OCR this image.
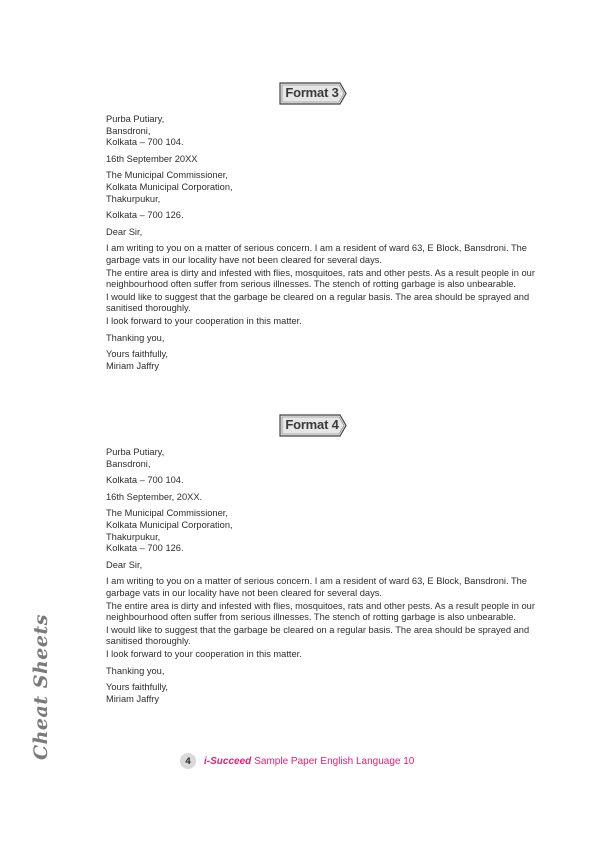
Format 3

Purba Putiary,

Bansdroni,

Kolkata – 700 104.

16th September 20XX

The Municipal Commissioner,

Kolkata Municipal Corporation,

Thakurpukur,

Kolkata – 700 126.

Dear Sir,

I am writing to you on a matter of serious concern. I am a resident of ward 63, E Block, Bansdroni. The garbage vats in our locality have not been cleared for several days.

The entire area is dirty and infested with flies, mosquitoes, rats and other pests. As a result people in our neighbourhood often suffer from serious illnesses. The stench of rotting garbage is also unbearable.

I would like to suggest that the garbage be cleared on a regular basis. The area should be sprayed and sanitised thoroughly.

I look forward to your cooperation in this matter.

Thanking you,

Yours faithfully,

Miriam Jaffry

Format 4

Purba Putiary,

Bansdroni,

Kolkata – 700 104.

16th September, 20XX.

The Municipal Commissioner,

Kolkata Municipal Corporation,

Thakurpukur,

Kolkata – 700 126.

Dear Sir,

I am writing to you on a matter of serious concern. I am a resident of ward 63, E Block, Bansdroni. The garbage vats in our locality have not been cleared for several days.

The entire area is dirty and infested with flies, mosquitoes, rats and other pests. As a result people in our neighbourhood often suffer from serious illnesses. The stench of rotting garbage is also unbearable.

I would like to suggest that the garbage be cleared on a regular basis. The area should be sprayed and sanitised thoroughly.

I look forward to your cooperation in this matter.

Thanking you,

Yours faithfully,

Miriam Jaffry

Cheat Sheets
4	i-Succeed Sample Paper English Language 10
